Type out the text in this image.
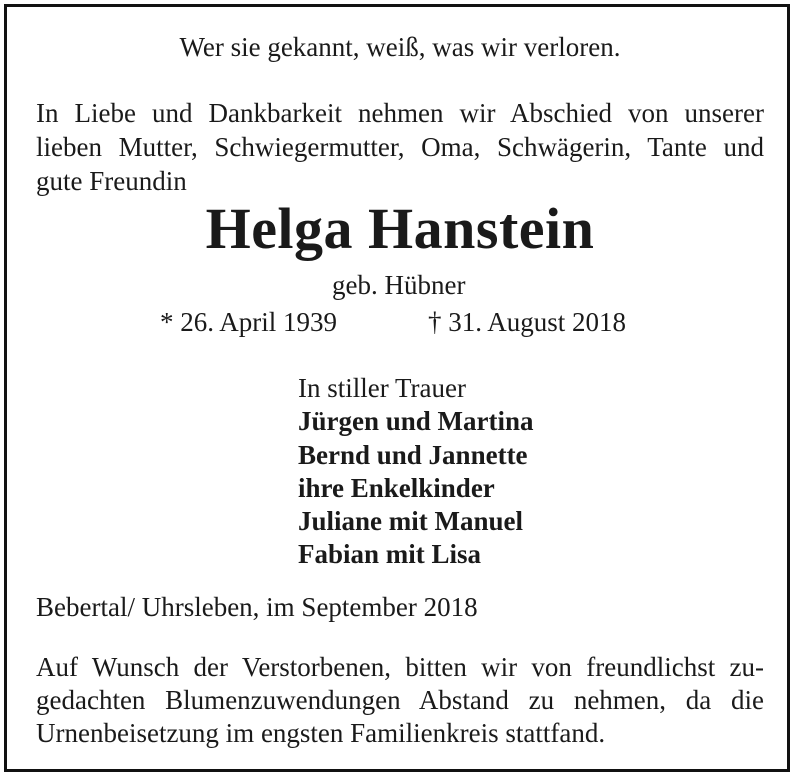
Wer sie gekannt, weiß, was wir verloren.
In Liebe und Dankbarkeit nehmen wir Abschied von unserer
lieben Mutter, Schwiegermutter, Oma, Schwägerin, Tante und
gute Freundin
Helga Hanstein
geb. Hübner
* 26. April 1939	† 31. August 2018
In stiller Trauer
Jürgen und Martina
Bernd und Jannette
ihre Enkelkinder
Juliane mit Manuel
Fabian mit Lisa
Bebertal/ Uhrsleben, im September 2018
Auf Wunsch der Verstorbenen, bitten wir von freundlichst zu-
gedachten Blumenzuwendungen Abstand zu nehmen, da die
Urnenbeisetzung im engsten Familienkreis stattfand.
